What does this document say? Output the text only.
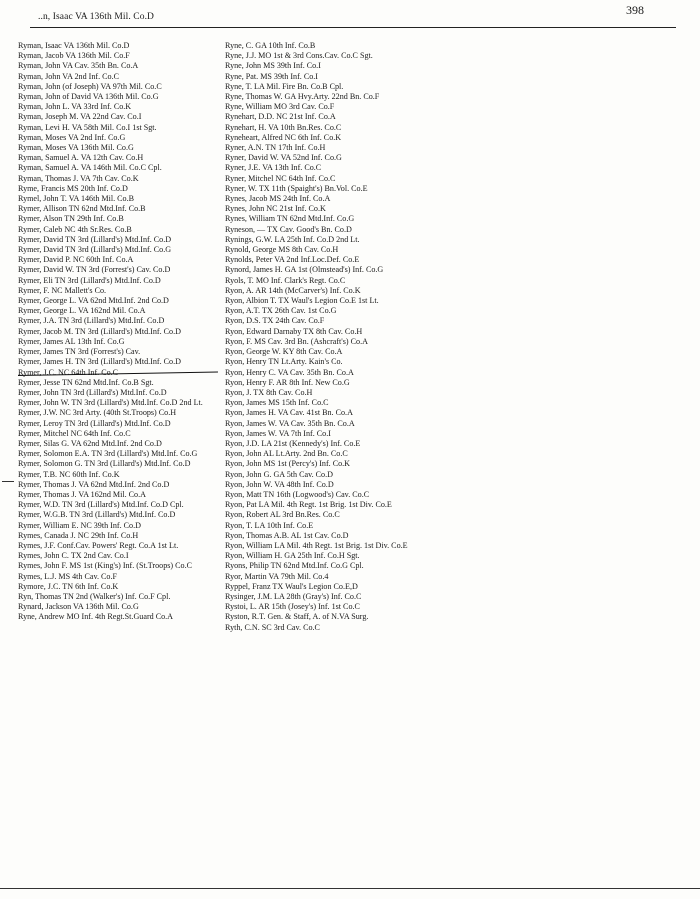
..n, Isaac VA 136th Mil. Co.D	398
Ryman, Isaac VA 136th Mil. Co.D
Ryman, Jacob VA 136th Mil. Co.F
Ryman, John VA Cav. 35th Bn. Co.A
Ryman, John VA 2nd Inf. Co.C
Ryman, John (of Joseph) VA 97th Mil. Co.C
Ryman, John of David VA 136th Mil. Co.G
Ryman, John L. VA 33rd Inf. Co.K
Ryman, Joseph M. VA 22nd Cav. Co.I
Ryman, Levi H. VA 58th Mil. Co.I 1st Sgt.
Ryman, Moses VA 2nd Inf. Co.G
Ryman, Moses VA 136th Mil. Co.G
Ryman, Samuel A. VA 12th Cav. Co.H
Ryman, Samuel A. VA 146th Mil. Co.C Cpl.
Ryman, Thomas J. VA 7th Cav. Co.K
Ryme, Francis MS 20th Inf. Co.D
Rymel, John T. VA 146th Mil. Co.B
Rymer, Allison TN 62nd Mtd.Inf. Co.B
Rymer, Alson TN 29th Inf. Co.B
Rymer, Caleb NC 4th Sr.Res. Co.B
Rymer, David TN 3rd (Lillard's) Mtd.Inf. Co.D
Rymer, David TN 3rd (Lillard's) Mtd.Inf. Co.G
Rymer, David P. NC 60th Inf. Co.A
Rymer, David W. TN 3rd (Forrest's) Cav. Co.D
Rymer, Eli TN 3rd (Lillard's) Mtd.Inf. Co.D
Rymer, F. NC Mallett's Co.
Rymer, George L. VA 62nd Mtd.Inf. 2nd Co.D
Rymer, George L. VA 162nd Mil. Co.A
Rymer, J.A. TN 3rd (Lillard's) Mtd.Inf. Co.D
Rymer, Jacob M. TN 3rd (Lillard's) Mtd.Inf. Co.D
Rymer, James AL 13th Inf. Co.G
Rymer, James TN 3rd (Forrest's) Cav.
Rymer, James H. TN 3rd (Lillard's) Mtd.Inf. Co.D
Rymer, J.C. NC 64th Inf. Co.C
Rymer, Jesse TN 62nd Mtd.Inf. Co.B Sgt.
Rymer, John TN 3rd (Lillard's) Mtd.Inf. Co.D
Rymer, John W. TN 3rd (Lillard's) Mtd.Inf. Co.D 2nd Lt.
Rymer, J.W. NC 3rd Arty. (40th St.Troops) Co.H
Rymer, Leroy TN 3rd (Lillard's) Mtd.Inf. Co.D
Rymer, Mitchel NC 64th Inf. Co.C
Rymer, Silas G. VA 62nd Mtd.Inf. 2nd Co.D
Rymer, Solomon E.A. TN 3rd (Lillard's) Mtd.Inf. Co.G
Rymer, Solomon G. TN 3rd (Lillard's) Mtd.Inf. Co.D
Rymer, T.B. NC 60th Inf. Co.K
Rymer, Thomas J. VA 62nd Mtd.Inf. 2nd Co.D
Rymer, Thomas J. VA 162nd Mil. Co.A
Rymer, W.D. TN 3rd (Lillard's) Mtd.Inf. Co.D Cpl.
Rymer, W.G.B. TN 3rd (Lillard's) Mtd.Inf. Co.D
Rymer, William E. NC 39th Inf. Co.D
Rymes, Canada J. NC 29th Inf. Co.H
Rymes, J.F. Conf.Cav. Powers' Regt. Co.A 1st Lt.
Rymes, John C. TX 2nd Cav. Co.I
Rymes, John F. MS 1st (King's) Inf. (St.Troops) Co.C
Rymes, L.J. MS 4th Cav. Co.F
Rymore, J.C. TN 6th Inf. Co.K
Ryn, Thomas TN 2nd (Walker's) Inf. Co.F Cpl.
Rynard, Jackson VA 136th Mil. Co.G
Ryne, Andrew MO Inf. 4th Regt.St.Guard Co.A
Ryne, C. GA 10th Inf. Co.B
Ryne, J.J. MO 1st & 3rd Cons.Cav. Co.C Sgt.
Ryne, John MS 39th Inf. Co.I
Ryne, Pat. MS 39th Inf. Co.I
Ryne, T. LA Mil. Fire Bn. Co.B Cpl.
Ryne, Thomas W. GA Hvy.Arty. 22nd Bn. Co.F
Ryne, William MO 3rd Cav. Co.F
Rynehart, D.D. NC 21st Inf. Co.A
Rynehart, H. VA 10th Bn.Res. Co.C
Ryneheart, Alfred NC 6th Inf. Co.K
Ryner, A.N. TN 17th Inf. Co.H
Ryner, David W. VA 52nd Inf. Co.G
Ryner, J.E. VA 13th Inf. Co.C
Ryner, Mitchel NC 64th Inf. Co.C
Ryner, W. TX 11th (Spaight's) Bn.Vol. Co.E
Rynes, Jacob MS 24th Inf. Co.A
Rynes, John NC 21st Inf. Co.K
Rynes, William TN 62nd Mtd.Inf. Co.G
Ryneson, — TX Cav. Good's Bn. Co.D
Rynings, G.W. LA 25th Inf. Co.D 2nd Lt.
Rynold, George MS 8th Cav. Co.H
Rynolds, Peter VA 2nd Inf.Loc.Def. Co.E
Rynord, James H. GA 1st (Olmstead's) Inf. Co.G
Ryols, T. MO Inf. Clark's Regt. Co.C
Ryon, A. AR 14th (McCarver's) Inf. Co.K
Ryon, Albion T. TX Waul's Legion Co.E 1st Lt.
Ryon, A.T. TX 26th Cav. 1st Co.G
Ryon, D.S. TX 24th Cav. Co.F
Ryon, Edward Darnaby TX 8th Cav. Co.H
Ryon, F. MS Cav. 3rd Bn. (Ashcraft's) Co.A
Ryon, George W. KY 8th Cav. Co.A
Ryon, Henry TN Lt.Arty. Kain's Co.
Ryon, Henry C. VA Cav. 35th Bn. Co.A
Ryon, Henry F. AR 8th Inf. New Co.G
Ryon, J. TX 8th Cav. Co.H
Ryon, James MS 15th Inf. Co.C
Ryon, James H. VA Cav. 41st Bn. Co.A
Ryon, James W. VA Cav. 35th Bn. Co.A
Ryon, James W. VA 7th Inf. Co.I
Ryon, J.D. LA 21st (Kennedy's) Inf. Co.E
Ryon, John AL Lt.Arty. 2nd Bn. Co.C
Ryon, John MS 1st (Percy's) Inf. Co.K
Ryon, John G. GA 5th Cav. Co.D
Ryon, John W. VA 48th Inf. Co.D
Ryon, Matt TN 16th (Logwood's) Cav. Co.C
Ryon, Pat LA Mil. 4th Regt. 1st Brig. 1st Div. Co.E
Ryon, Robert AL 3rd Bn.Res. Co.C
Ryon, T. LA 10th Inf. Co.E
Ryon, Thomas A.B. AL 1st Cav. Co.D
Ryon, William LA Mil. 4th Regt. 1st Brig. 1st Div. Co.E
Ryon, William H. GA 25th Inf. Co.H Sgt.
Ryons, Philip TN 62nd Mtd.Inf. Co.G Cpl.
Ryor, Martin VA 79th Mil. Co.4
Ryppel, Franz TX Waul's Legion Co.E,D
Rysinger, J.M. LA 28th (Gray's) Inf. Co.C
Rystoi, L. AR 15th (Josey's) Inf. 1st Co.C
Ryston, R.T. Gen. & Staff, A. of N.VA Surg.
Ryth, C.N. SC 3rd Cav. Co.C
